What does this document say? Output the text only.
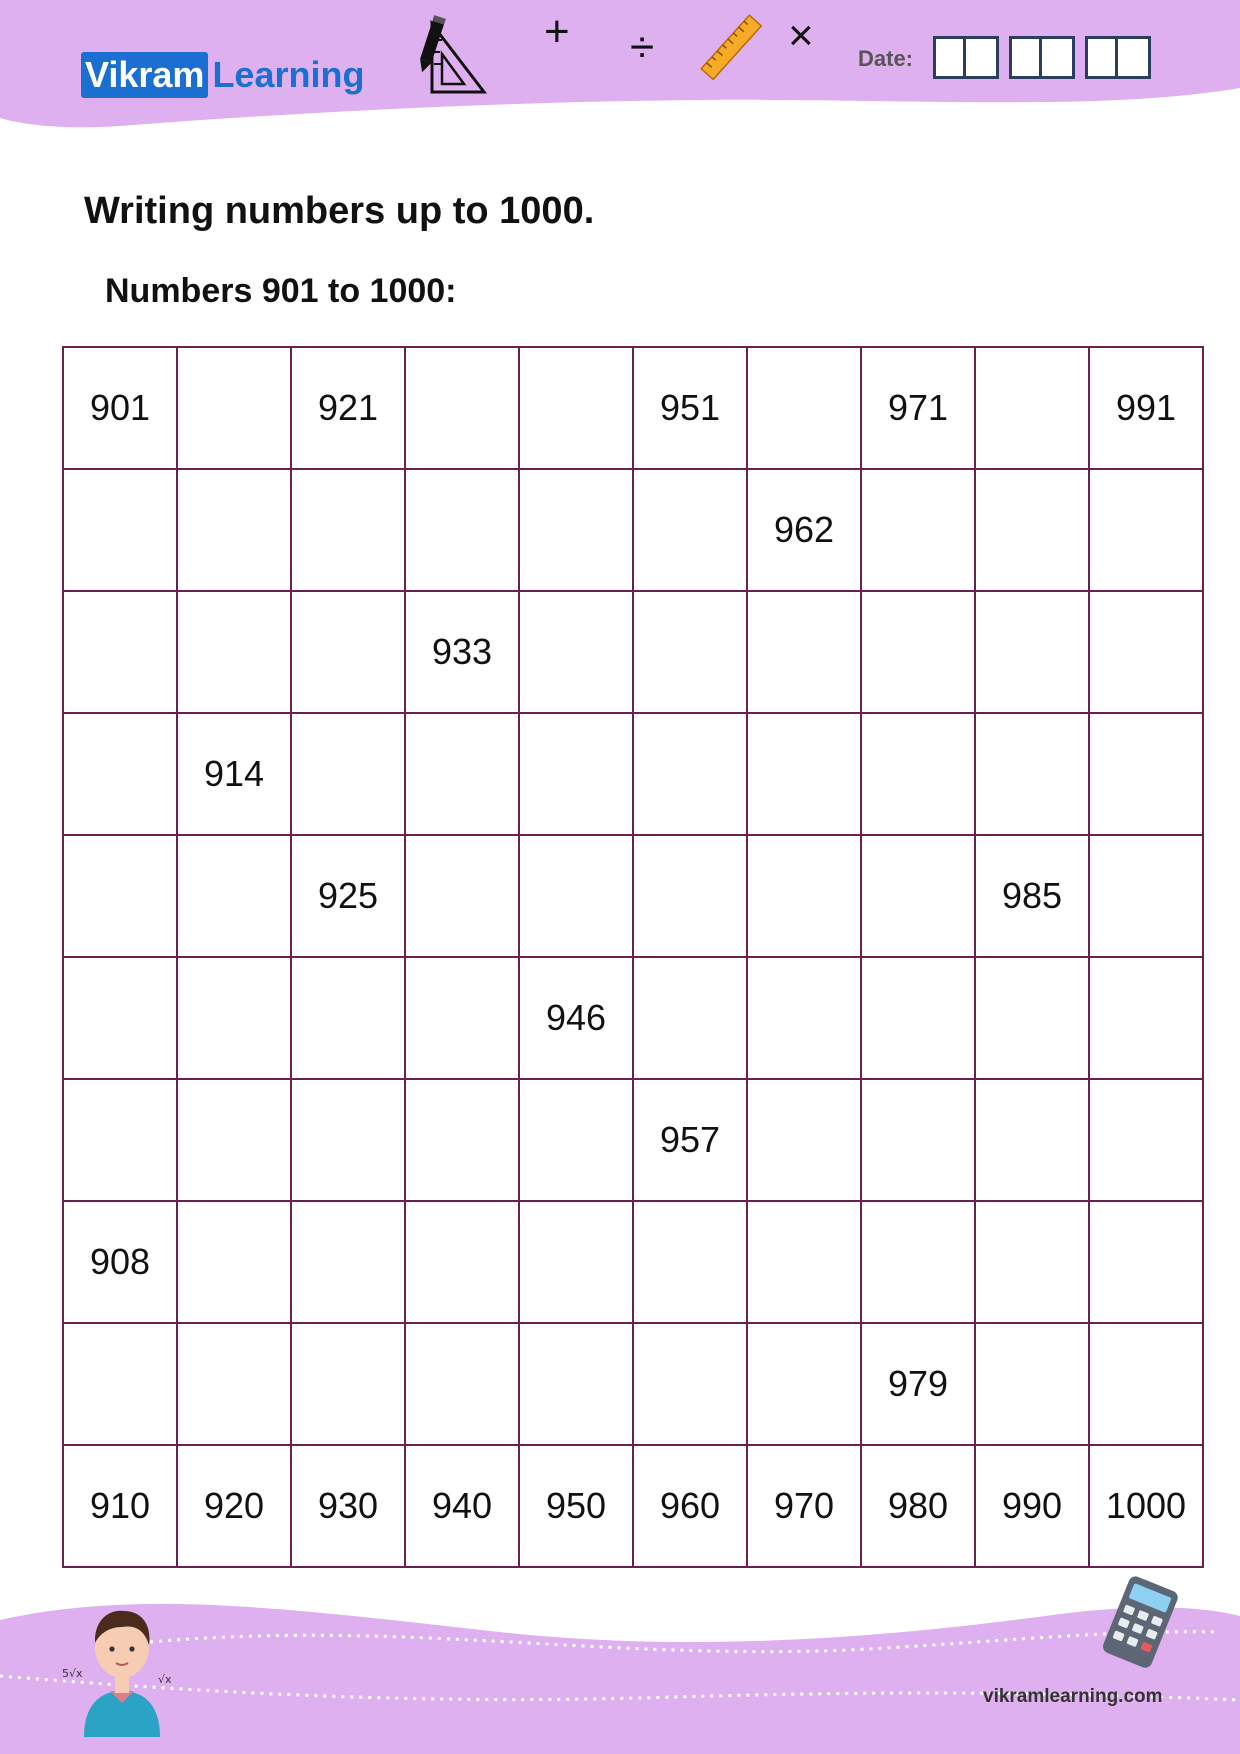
Vikram Learning
+ ÷	× Date:
Writing numbers up to 1000.
Numbers 901 to 1000:
901		921			951		971		991
						962			
			933						
	914								
		925						985	
				946					
					957				
908									
							979		
910	920	930	940	950	960	970	980	990	1000
5√x	√x
vikramlearning.com
